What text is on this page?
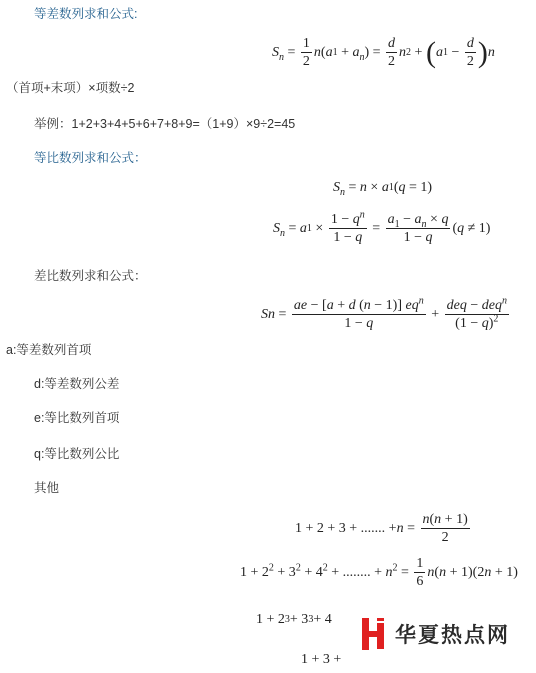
等差数列求和公式:
$S_n = \frac{1}{2}$ n ( a $1 + a_n$ ) = $\frac{d}{2}$ n 2 + ( a $1 - \frac{d}{2}$ ) n
（首项+末项）×项数÷2
举例：1+2+3+4+5+6+7+8+9=（1+9）×9÷2=45
等比数列求和公式：
$S_n = n \times a$ 1 ( q = 1)
$S_n = a$ $1 \times \frac{1 - q^n}{1 - q} = \frac{a_1 - a_n \times q}{1 - q}$ ( q ≠ 1)
差比数列求和公式：
$Sn = \frac{ae - [a + d (n - 1)] eq^n}{1 - q} + \frac{deq - deq^n}{(1 - q)^2}$
a:等差数列首项
d:等差数列公差
e:等比数列首项
q:等比数列公比
其他
1 + 2 + 3 + ....... + $n = \frac{n(n + 1)}{2}$
$1 + 2^2 + 3^2 + 4^2$ + ........ + $n^2 = \frac{1}{6} n(n + 1)(2n + 1)$
1 + 2 3 + 3 3 + 4
1 + 3 +
华夏热点网
